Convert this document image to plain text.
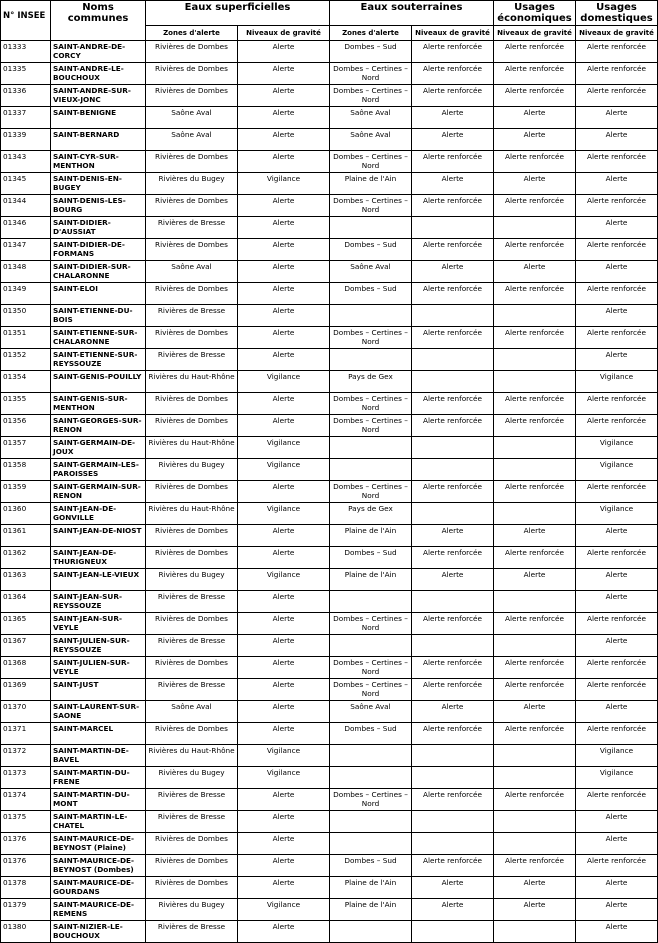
N° INSEE	Noms communes	Eaux superficielles		Eaux souterraines		Usages économiques	Usages domestiques
		Zones d'alerte	Niveaux de gravité	Zones d'alerte	Niveaux de gravité	Niveaux de gravité	Niveaux de gravité
01333	SAINT-ANDRE-DE-CORCY	Rivières de Dombes	Alerte	Dombes – Sud	Alerte renforcée	Alerte renforcée	Alerte renforcée
01335	SAINT-ANDRE-LE-BOUCHOUX	Rivières de Dombes	Alerte	Dombes – Certines – Nord	Alerte renforcée	Alerte renforcée	Alerte renforcée
01336	SAINT-ANDRE-SUR-VIEUX-JONC	Rivières de Dombes	Alerte	Dombes – Certines – Nord	Alerte renforcée	Alerte renforcée	Alerte renforcée
01337	SAINT-BENIGNE	Saône Aval	Alerte	Saône Aval	Alerte	Alerte	Alerte
01339	SAINT-BERNARD	Saône Aval	Alerte	Saône Aval	Alerte	Alerte	Alerte
01343	SAINT-CYR-SUR-MENTHON	Rivières de Dombes	Alerte	Dombes – Certines – Nord	Alerte renforcée	Alerte renforcée	Alerte renforcée
01345	SAINT-DENIS-EN-BUGEY	Rivières du Bugey	Vigilance	Plaine de l'Ain	Alerte	Alerte	Alerte
01344	SAINT-DENIS-LES-BOURG	Rivières de Dombes	Alerte	Dombes – Certines – Nord	Alerte renforcée	Alerte renforcée	Alerte renforcée
01346	SAINT-DIDIER-D'AUSSIAT	Rivières de Bresse	Alerte				Alerte
01347	SAINT-DIDIER-DE-FORMANS	Rivières de Dombes	Alerte	Dombes – Sud	Alerte renforcée	Alerte renforcée	Alerte renforcée
01348	SAINT-DIDIER-SUR-CHALARONNE	Saône Aval	Alerte	Saône Aval	Alerte	Alerte	Alerte
01349	SAINT-ELOI	Rivières de Dombes	Alerte	Dombes – Sud	Alerte renforcée	Alerte renforcée	Alerte renforcée
01350	SAINT-ETIENNE-DU-BOIS	Rivières de Bresse	Alerte				Alerte
01351	SAINT-ETIENNE-SUR-CHALARONNE	Rivières de Dombes	Alerte	Dombes – Certines – Nord	Alerte renforcée	Alerte renforcée	Alerte renforcée
01352	SAINT-ETIENNE-SUR-REYSSOUZE	Rivières de Bresse	Alerte				Alerte
01354	SAINT-GENIS-POUILLY	Rivières du Haut-Rhône	Vigilance	Pays de Gex			Vigilance
01355	SAINT-GENIS-SUR-MENTHON	Rivières de Dombes	Alerte	Dombes – Certines – Nord	Alerte renforcée	Alerte renforcée	Alerte renforcée
01356	SAINT-GEORGES-SUR-RENON	Rivières de Dombes	Alerte	Dombes – Certines – Nord	Alerte renforcée	Alerte renforcée	Alerte renforcée
01357	SAINT-GERMAIN-DE-JOUX	Rivières du Haut-Rhône	Vigilance				Vigilance
01358	SAINT-GERMAIN-LES-PAROISSES	Rivières du Bugey	Vigilance				Vigilance
01359	SAINT-GERMAIN-SUR-RENON	Rivières de Dombes	Alerte	Dombes – Certines – Nord	Alerte renforcée	Alerte renforcée	Alerte renforcée
01360	SAINT-JEAN-DE-GONVILLE	Rivières du Haut-Rhône	Vigilance	Pays de Gex			Vigilance
01361	SAINT-JEAN-DE-NIOST	Rivières de Dombes	Alerte	Plaine de l'Ain	Alerte	Alerte	Alerte
01362	SAINT-JEAN-DE-THURIGNEUX	Rivières de Dombes	Alerte	Dombes – Sud	Alerte renforcée	Alerte renforcée	Alerte renforcée
01363	SAINT-JEAN-LE-VIEUX	Rivières du Bugey	Vigilance	Plaine de l'Ain	Alerte	Alerte	Alerte
01364	SAINT-JEAN-SUR-REYSSOUZE	Rivières de Bresse	Alerte				Alerte
01365	SAINT-JEAN-SUR-VEYLE	Rivières de Dombes	Alerte	Dombes – Certines – Nord	Alerte renforcée	Alerte renforcée	Alerte renforcée
01367	SAINT-JULIEN-SUR-REYSSOUZE	Rivières de Bresse	Alerte				Alerte
01368	SAINT-JULIEN-SUR-VEYLE	Rivières de Dombes	Alerte	Dombes – Certines – Nord	Alerte renforcée	Alerte renforcée	Alerte renforcée
01369	SAINT-JUST	Rivières de Bresse	Alerte	Dombes – Certines – Nord	Alerte renforcée	Alerte renforcée	Alerte renforcée
01370	SAINT-LAURENT-SUR-SAONE	Saône Aval	Alerte	Saône Aval	Alerte	Alerte	Alerte
01371	SAINT-MARCEL	Rivières de Dombes	Alerte	Dombes – Sud	Alerte renforcée	Alerte renforcée	Alerte renforcée
01372	SAINT-MARTIN-DE-BAVEL	Rivières du Haut-Rhône	Vigilance				Vigilance
01373	SAINT-MARTIN-DU-FRENE	Rivières du Bugey	Vigilance				Vigilance
01374	SAINT-MARTIN-DU-MONT	Rivières de Bresse	Alerte	Dombes – Certines – Nord	Alerte renforcée	Alerte renforcée	Alerte renforcée
01375	SAINT-MARTIN-LE-CHATEL	Rivières de Bresse	Alerte				Alerte
01376	SAINT-MAURICE-DE-BEYNOST (Plaine)	Rivières de Dombes	Alerte				Alerte
01376	SAINT-MAURICE-DE-BEYNOST (Dombes)	Rivières de Dombes	Alerte	Dombes – Sud	Alerte renforcée	Alerte renforcée	Alerte renforcée
01378	SAINT-MAURICE-DE-GOURDANS	Rivières de Dombes	Alerte	Plaine de l'Ain	Alerte	Alerte	Alerte
01379	SAINT-MAURICE-DE-REMENS	Rivières du Bugey	Vigilance	Plaine de l'Ain	Alerte	Alerte	Alerte
01380	SAINT-NIZIER-LE-BOUCHOUX	Rivières de Bresse	Alerte				Alerte
